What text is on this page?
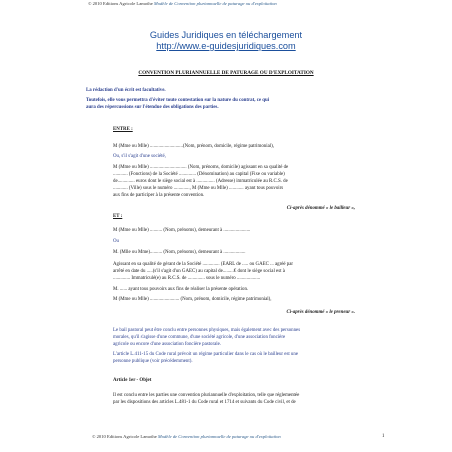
© 2010 Editions Agricole Lamothe Modèle de Convention pluriannuelle de paturage ou d'exploitation
Guides Juridiques en téléchargement
http://www.e-guidesjuridiques.com
CONVENTION PLURIANNUELLE DE PATURAGE OU D'EXPLOITATION
La rédaction d'un écrit est facultative.
Toutefois, elle vous permettra d'éviter toute contestation sur la nature du contrat, ce qui
aura des répercussions sur l'étendue des obligations des parties.
ENTRE :
M (Mme ou Mlle) ...........................(Nom, prénom, domicile, régime patrimonial),
Ou, s'il s'agit d'une société,
M (Mme ou Mlle) .............................. (Nom, prénoms, domicile) agissant en sa qualité de
............ (Fonctions) de la Société .............. (Dénomination) au capital (Fixe ou variable)
de.............. euros dont le siège social est à ............... (Adresse) immatriculée au R.C.S. de
............ (Ville) sous le numéro ............., M (Mme ou Mlle) ............ ayant tous pouvoirs
aux fins de participer à la présente convention.
Ci-après dénommé « le bailleur »,
ET :
M (Mme ou Mlle) .......... (Nom, prénoms), demeurant à ......................
Ou
M. (Mlle ou Mme).......... (Nom, prénoms), demeurant à ..................
Agissant en sa qualité de gérant de la Société .............. (EARL de ..... ou GAEC ... agréé par
arrêté en date du .....(s'il s'agit d'un GAEC) au capital de.........€ dont le siège social est à
.............. Immatriculé(e) au R.C.S. de .............. sous le numéro ...................
M. ...... ayant tous pouvoirs aux fins de réaliser la présente opération.
M (Mme ou Mlle) ........................ (Nom, prénom, domicile, régime patrimonial),
Ci-après dénommé « le preneur ».
Le bail pastoral peut être conclu entre personnes physiques, mais également avec des personnes
morales, qu'il s'agisse d'une commune, d'une société agricole, d'une association foncière
agricole ou encore d'une association foncière pastorale.
L'article L.411-15 du Code rural prévoit un régime particulier dans le cas où le bailleur est une
personne publique (voir précédemment).
Article 1er - Objet
Il est conclu entre les parties une convention pluriannuelle d'exploitation, telle que réglementée
par les dispositions des articles L.481-1 du Code rural et 1714 et suivants du Code civil, et de
© 2010 Editions Agricole Lamothe Modèle de Convention pluriannuelle de paturage ou d'exploitation	1
